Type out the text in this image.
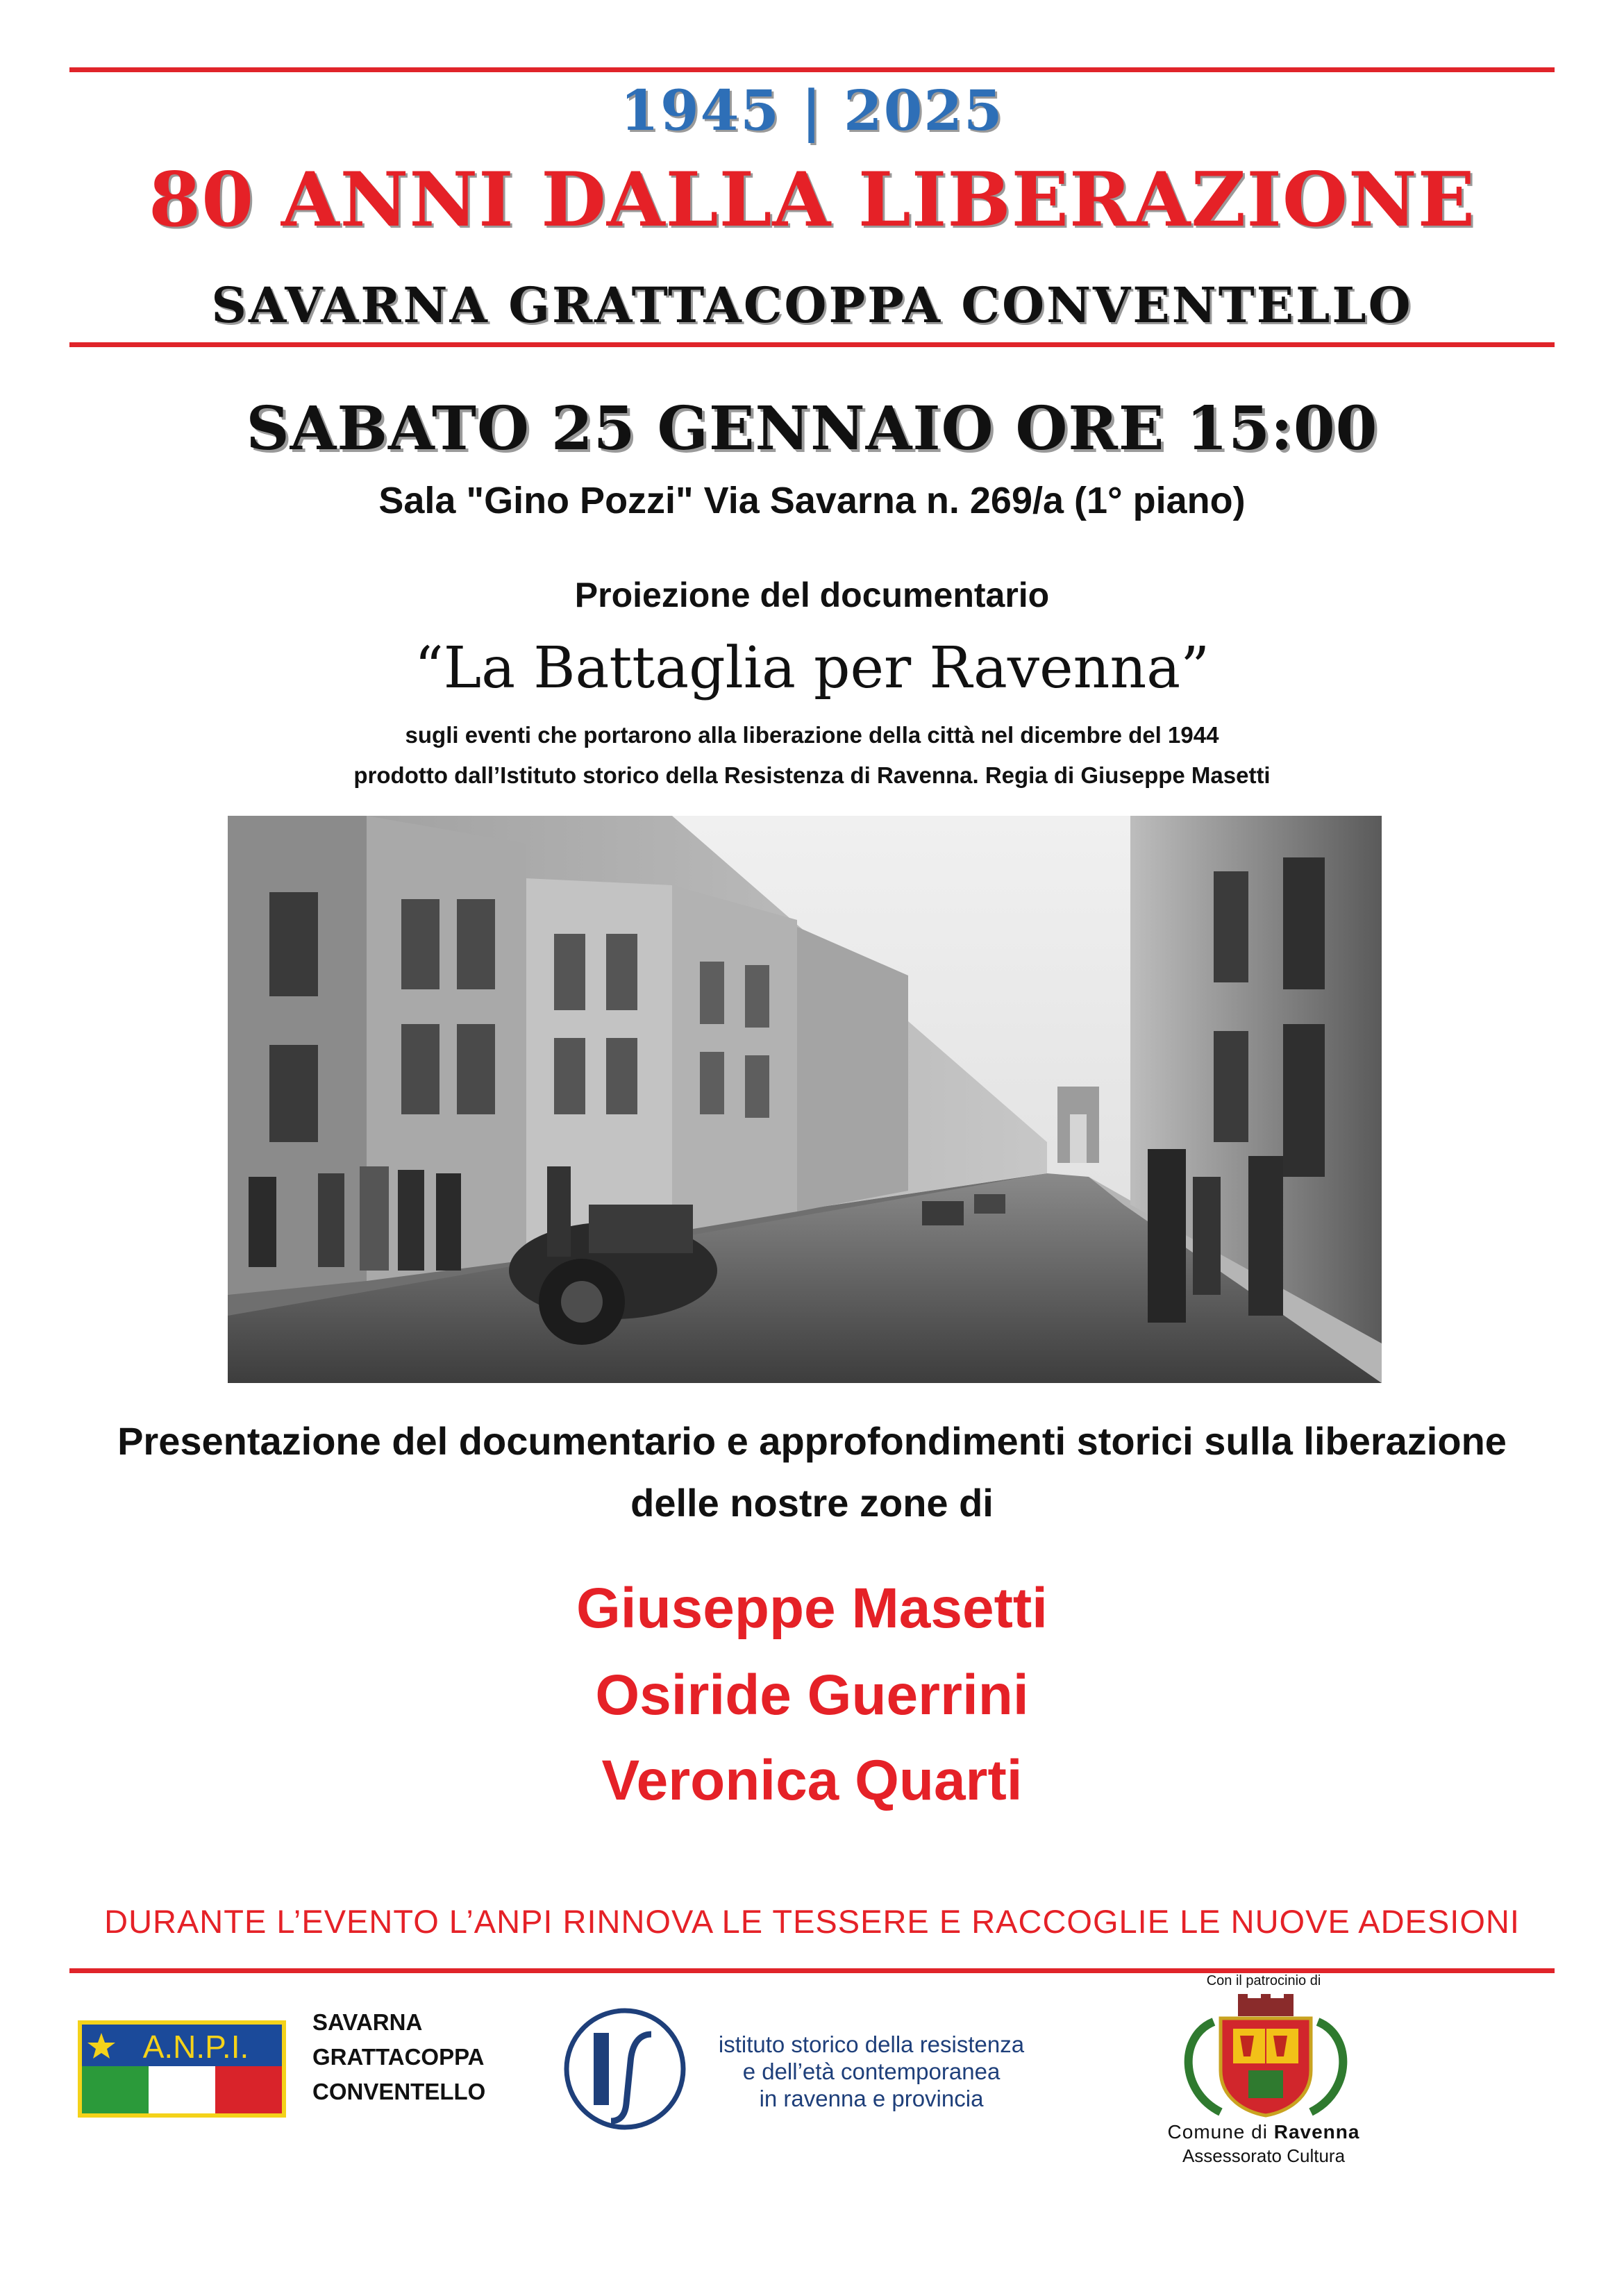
1945 | 2025
80 ANNI DALLA LIBERAZIONE
SAVARNA GRATTACOPPA CONVENTELLO
SABATO 25 GENNAIO ORE 15:00
Sala "Gino Pozzi" Via Savarna n. 269/a (1° piano)
Proiezione del documentario
“La Battaglia per Ravenna”
sugli eventi che portarono alla liberazione della città nel dicembre del 1944
prodotto dall’Istituto storico della Resistenza di Ravenna. Regia di Giuseppe Masetti
Presentazione del documentario e approfondimenti storici sulla liberazione
delle nostre zone di
Giuseppe Masetti
Osiride Guerrini
Veronica Quarti
DURANTE L’EVENTO L’ANPI RINNOVA LE TESSERE E RACCOGLIE LE NUOVE ADESIONI
A.N.P.I.
SAVARNA
GRATTACOPPA
CONVENTELLO
istituto storico della resistenza
e dell’età contemporanea
in ravenna e provincia
Con il patrocinio di
Comune di Ravenna
Assessorato Cultura
